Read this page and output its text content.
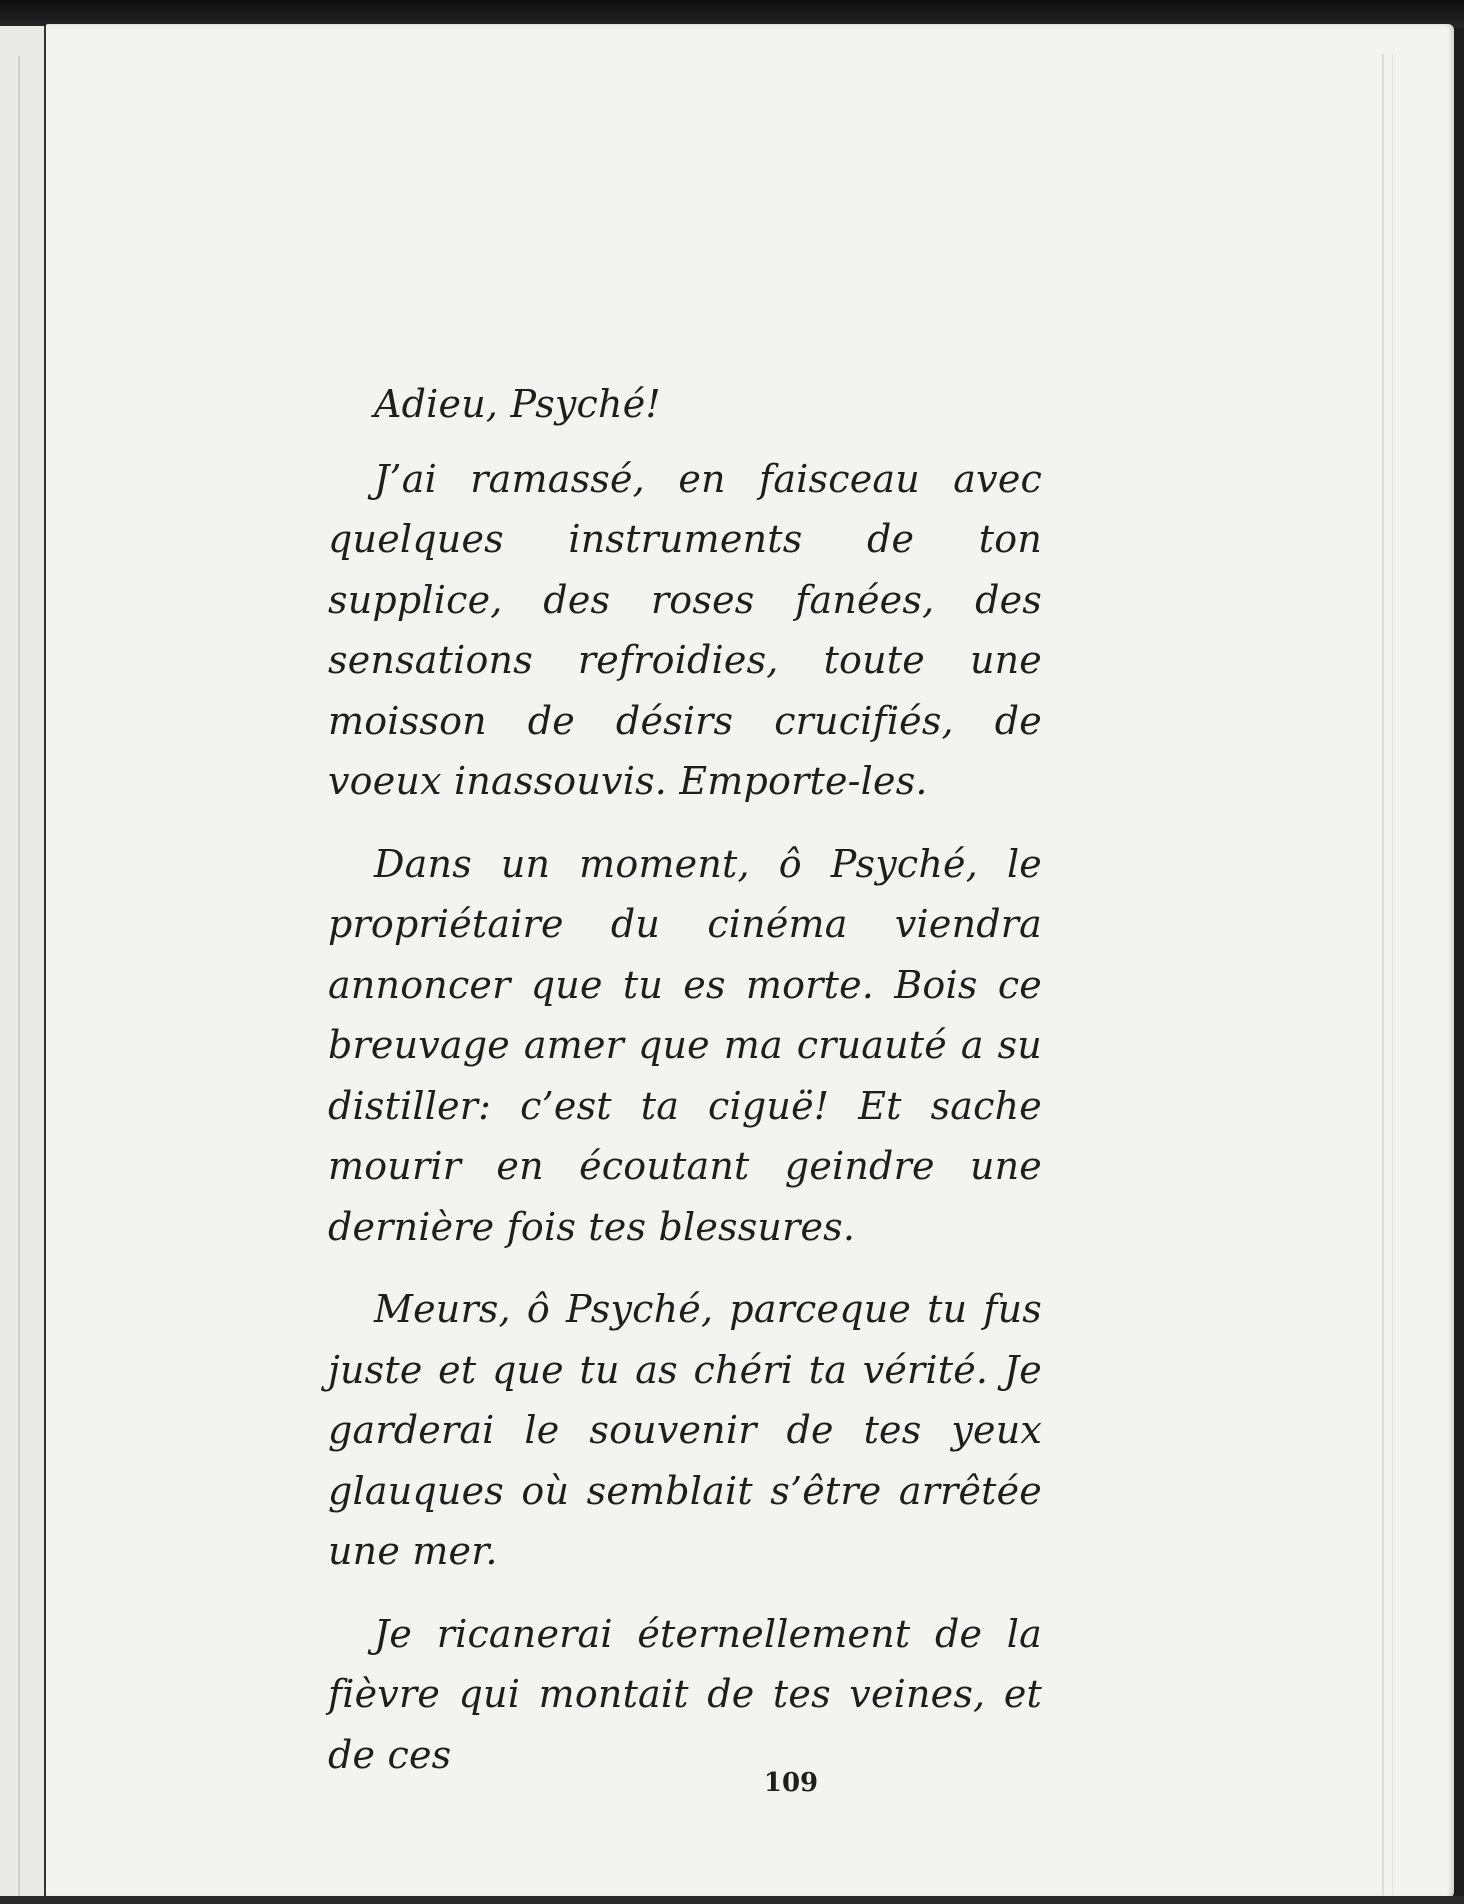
Adieu, Psyché!

J’ai ramassé, en faisceau avec quelques instruments de ton supplice, des roses fanées, des sensations refroidies, toute une moisson de désirs crucifiés, de voeux inassouvis. Emporte-les.

Dans un moment, ô Psyché, le propriétaire du cinéma viendra annoncer que tu es morte. Bois ce breuvage amer que ma cruauté a su distiller: c’est ta ciguë! Et sache mourir en écoutant geindre une dernière fois tes blessures.

Meurs, ô Psyché, parceque tu fus juste et que tu as chéri ta vérité. Je garderai le souvenir de tes yeux glauques où semblait s’être arrêtée une mer.

Je ricanerai éternellement de la fièvre qui montait de tes veines, et de ces

109
